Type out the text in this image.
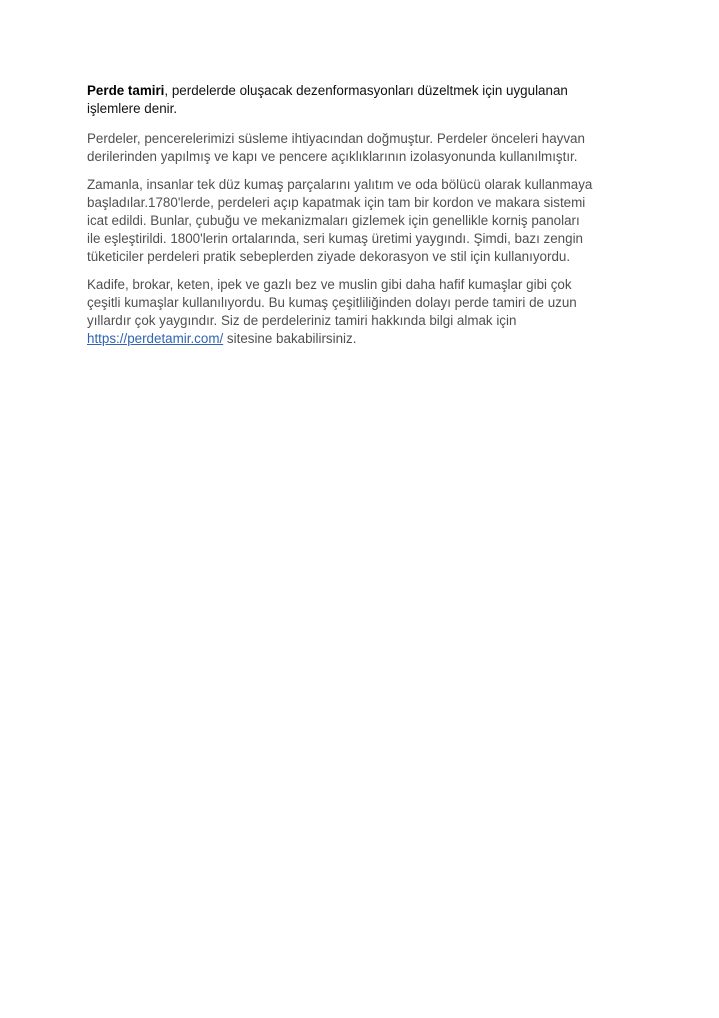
Perde tamiri, perdelerde oluşacak dezenformasyonları düzeltmek için uygulanan
işlemlere denir.

Perdeler, pencerelerimizi süsleme ihtiyacından doğmuştur. Perdeler önceleri hayvan
derilerinden yapılmış ve kapı ve pencere açıklıklarının izolasyonunda kullanılmıştır.

Zamanla, insanlar tek düz kumaş parçalarını yalıtım ve oda bölücü olarak kullanmaya
başladılar.1780'lerde, perdeleri açıp kapatmak için tam bir kordon ve makara sistemi
icat edildi. Bunlar, çubuğu ve mekanizmaları gizlemek için genellikle korniş panoları
ile eşleştirildi. 1800'lerin ortalarında, seri kumaş üretimi yaygındı. Şimdi, bazı zengin
tüketiciler perdeleri pratik sebeplerden ziyade dekorasyon ve stil için kullanıyordu.

Kadife, brokar, keten, ipek ve gazlı bez ve muslin gibi daha hafif kumaşlar gibi çok
çeşitli kumaşlar kullanılıyordu. Bu kumaş çeşitliliğinden dolayı perde tamiri de uzun
yıllardır çok yaygındır. Siz de perdeleriniz tamiri hakkında bilgi almak için
https://perdetamir.com/ sitesine bakabilirsiniz.
